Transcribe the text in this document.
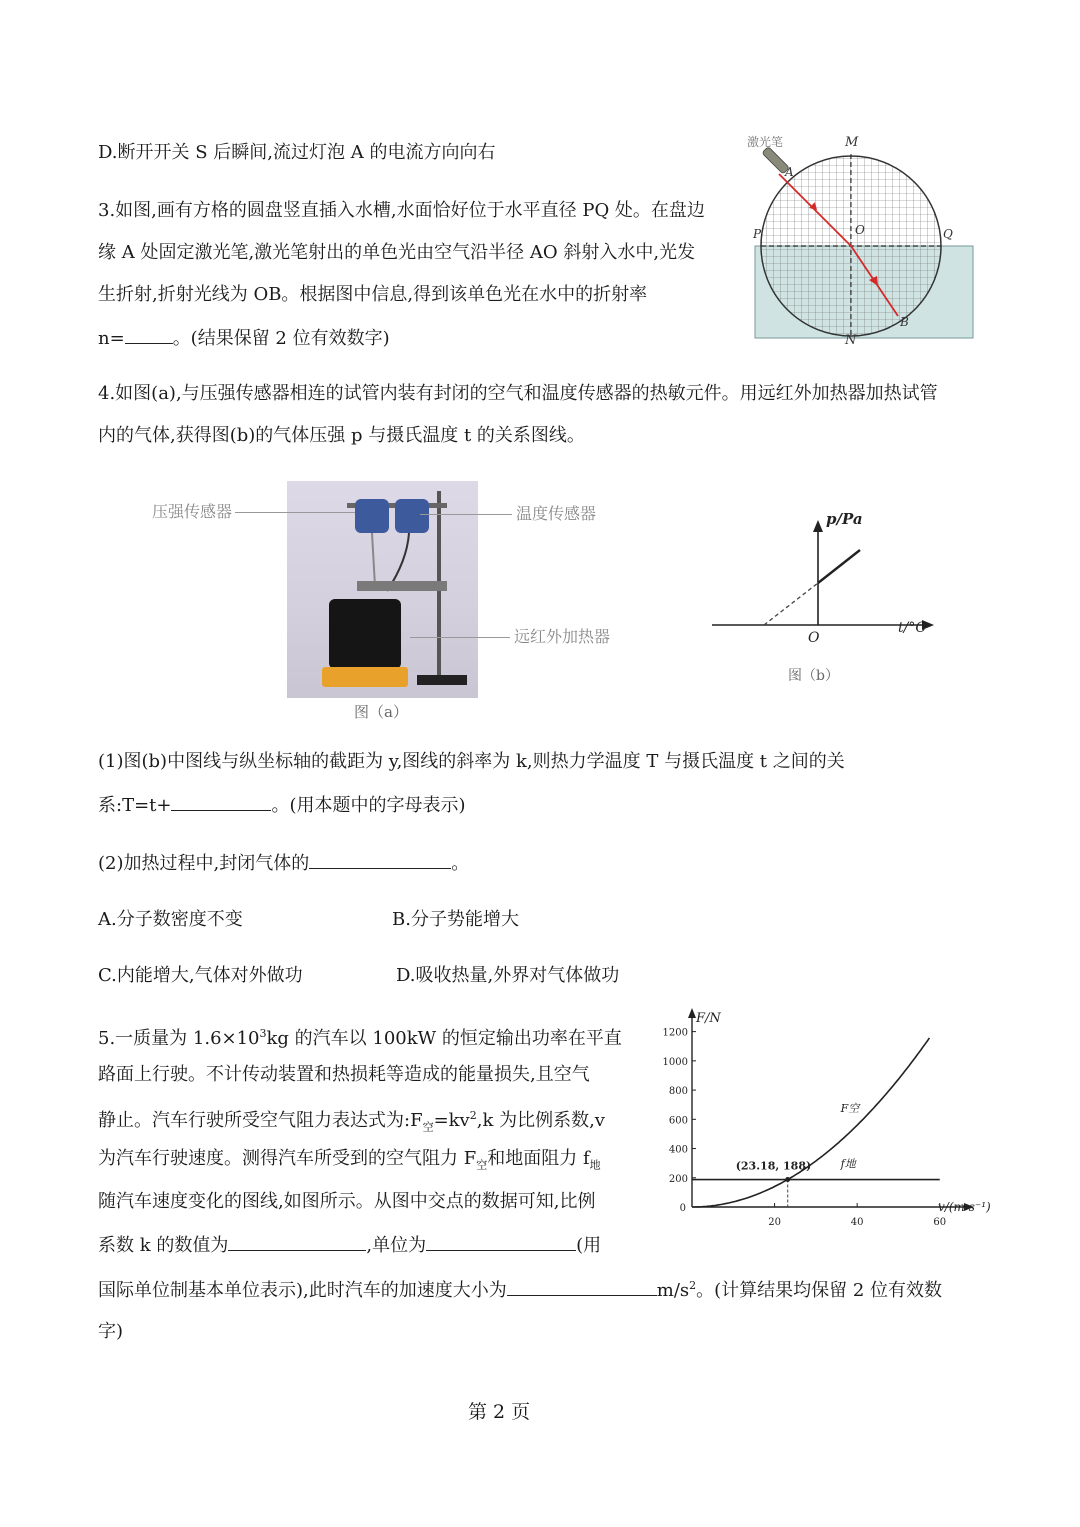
D.断开开关 S 后瞬间,流过灯泡 A 的电流方向向右
3.如图,画有方格的圆盘竖直插入水槽,水面恰好位于水平直径 PQ 处。在盘边
缘 A 处固定激光笔,激光笔射出的单色光由空气沿半径 AO 斜射入水中,光发
生折射,折射光线为 OB。根据图中信息,得到该单色光在水中的折射率
n=	。(结果保留 2 位有效数字)
激光笔	M
N
P	Q
O
A
B
4.如图(a),与压强传感器相连的试管内装有封闭的空气和温度传感器的热敏元件。用远红外加热器加热试管
内的气体,获得图(b)的气体压强 p 与摄氏温度 t 的关系图线。
压强传感器	温度传感器
远红外加热器
图（a）
p/Pa
t/°C
O
图（b）
(1)图(b)中图线与纵坐标轴的截距为 y,图线的斜率为 k,则热力学温度 T 与摄氏温度 t 之间的关
系:T=t+	。(用本题中的字母表示)
(2)加热过程中,封闭气体的	。
A.分子数密度不变	B.分子势能增大
C.内能增大,气体对外做功	D.吸收热量,外界对气体做功
5.一质量为 $1.6\times 10^3kg$ 的汽车以 100kW 的恒定输出功率在平直
路面上行驶。不计传动装置和热损耗等造成的能量损失,且空气
静止。汽车行驶所受空气阻力表达式为$:F_空=kv^2,k$ 为比例系数,v
为汽车行驶速度。测得汽车所受到的空气阻力 $F_空$和地面阻力 $f_地$
随汽车速度变化的图线,如图所示。从图中交点的数据可知,比例
系数 k 的数值为	,单位为	(用
国际单位制基本单位表示),此时汽车的加速度大小为	$m/s^2$。(计算结果均保留 2 位有效数
字)
F/N
v/(m·s⁻¹)
200
400
600
800
1000
1200
0
20	40	60
F空
f地
(23.18, 188)
第 2 页
